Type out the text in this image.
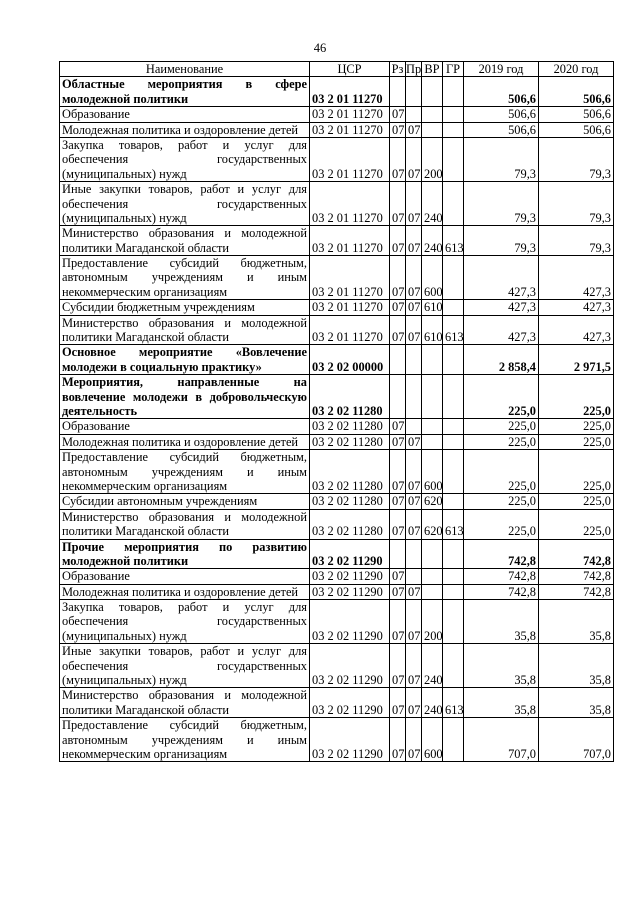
46
Наименование	ЦСР	Рз	Пр	ВР	ГР	2019 год	2020 год
Областные мероприятия в сфере молодежной политики	03 2 01 11270					506,6	506,6
Образование	03 2 01 11270	07				506,6	506,6
Молодежная политика и оздоровление детей	03 2 01 11270	07	07			506,6	506,6
Закупка товаров, работ и услуг для обеспечения государственных (муниципальных) нужд	03 2 01 11270	07	07	200		79,3	79,3
Иные закупки товаров, работ и услуг для обеспечения государственных (муниципальных) нужд	03 2 01 11270	07	07	240		79,3	79,3
Министерство образования и молодежной политики Магаданской области	03 2 01 11270	07	07	240	613	79,3	79,3
Предоставление субсидий бюджетным, автономным учреждениям и иным некоммерческим организациям	03 2 01 11270	07	07	600		427,3	427,3
Субсидии бюджетным учреждениям	03 2 01 11270	07	07	610		427,3	427,3
Министерство образования и молодежной политики Магаданской области	03 2 01 11270	07	07	610	613	427,3	427,3
Основное мероприятие «Вовлечение молодежи в социальную практику»	03 2 02 00000					2 858,4	2 971,5
Мероприятия, направленные на вовлечение молодежи в добровольческую деятельность	03 2 02 11280					225,0	225,0
Образование	03 2 02 11280	07				225,0	225,0
Молодежная политика и оздоровление детей	03 2 02 11280	07	07			225,0	225,0
Предоставление субсидий бюджетным, автономным учреждениям и иным некоммерческим организациям	03 2 02 11280	07	07	600		225,0	225,0
Субсидии автономным учреждениям	03 2 02 11280	07	07	620		225,0	225,0
Министерство образования и молодежной политики Магаданской области	03 2 02 11280	07	07	620	613	225,0	225,0
Прочие мероприятия по развитию молодежной политики	03 2 02 11290					742,8	742,8
Образование	03 2 02 11290	07				742,8	742,8
Молодежная политика и оздоровление детей	03 2 02 11290	07	07			742,8	742,8
Закупка товаров, работ и услуг для обеспечения государственных (муниципальных) нужд	03 2 02 11290	07	07	200		35,8	35,8
Иные закупки товаров, работ и услуг для обеспечения государственных (муниципальных) нужд	03 2 02 11290	07	07	240		35,8	35,8
Министерство образования и молодежной политики Магаданской области	03 2 02 11290	07	07	240	613	35,8	35,8
Предоставление субсидий бюджетным, автономным учреждениям и иным некоммерческим организациям	03 2 02 11290	07	07	600		707,0	707,0
